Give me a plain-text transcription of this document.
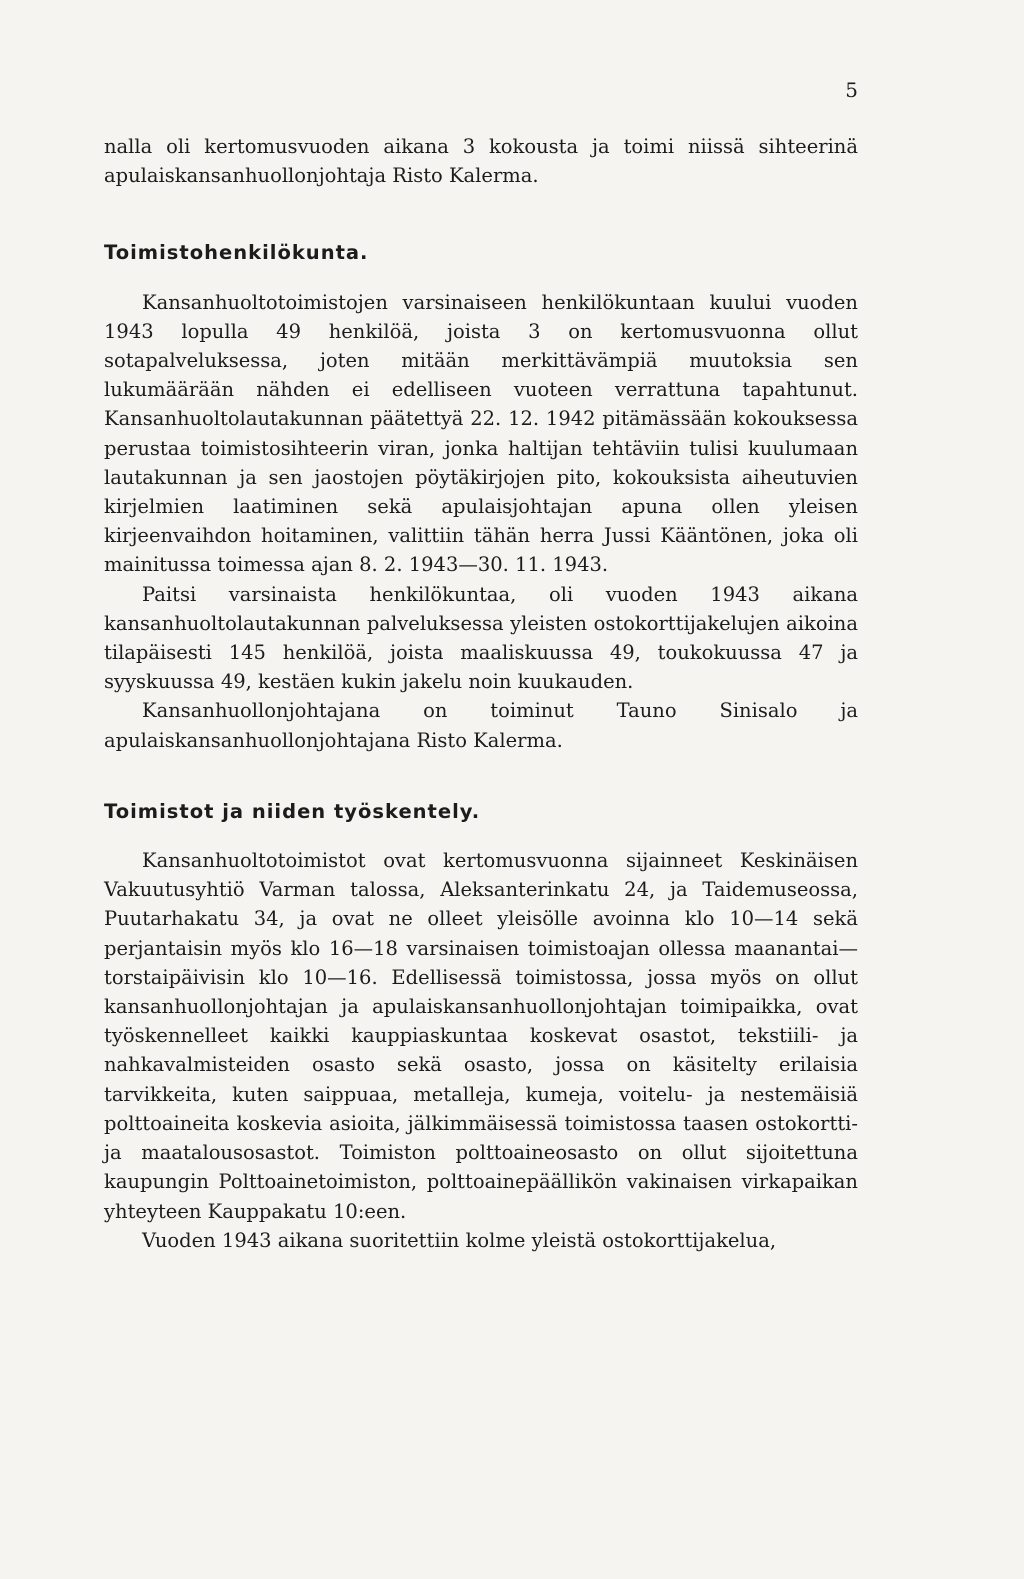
5

nalla oli kertomusvuoden aikana 3 kokousta ja toimi niissä sihteerinä apulaiskansanhuollonjohtaja Risto Kalerma.

Toimistohenkilökunta.

Kansanhuoltotoimistojen varsinaiseen henkilökuntaan kuului vuoden 1943 lopulla 49 henkilöä, joista 3 on kertomusvuonna ollut sotapalveluksessa, joten mitään merkittävämpiä muutoksia sen lukumäärään nähden ei edelliseen vuoteen verrattuna tapahtunut. Kansanhuoltolautakunnan päätettyä 22. 12. 1942 pitämässään kokouksessa perustaa toimistosihteerin viran, jonka haltijan tehtäviin tulisi kuulumaan lautakunnan ja sen jaostojen pöytäkirjojen pito, kokouksista aiheutuvien kirjelmien laatiminen sekä apulaisjohtajan apuna ollen yleisen kirjeenvaihdon hoitaminen, valittiin tähän herra Jussi Kääntönen, joka oli mainitussa toimessa ajan 8. 2. 1943—30. 11. 1943.

Paitsi varsinaista henkilökuntaa, oli vuoden 1943 aikana kansanhuoltolautakunnan palveluksessa yleisten ostokorttijakelujen aikoina tilapäisesti 145 henkilöä, joista maaliskuussa 49, toukokuussa 47 ja syyskuussa 49, kestäen kukin jakelu noin kuukauden.

Kansanhuollonjohtajana on toiminut Tauno Sinisalo ja apulaiskansanhuollonjohtajana Risto Kalerma.

Toimistot ja niiden työskentely.

Kansanhuoltotoimistot ovat kertomusvuonna sijainneet Keskinäisen Vakuutusyhtiö Varman talossa, Aleksanterinkatu 24, ja Taidemuseossa, Puutarhakatu 34, ja ovat ne olleet yleisölle avoinna klo 10—14 sekä perjantaisin myös klo 16—18 varsinaisen toimistoajan ollessa maanantai—torstaipäivisin klo 10—16. Edellisessä toimistossa, jossa myös on ollut kansanhuollonjohtajan ja apulaiskansanhuollonjohtajan toimipaikka, ovat työskennelleet kaikki kauppiaskuntaa koskevat osastot, tekstiili- ja nahkavalmisteiden osasto sekä osasto, jossa on käsitelty erilaisia tarvikkeita, kuten saippuaa, metalleja, kumeja, voitelu- ja nestemäisiä polttoaineita koskevia asioita, jälkimmäisessä toimistossa taasen ostokortti- ja maatalousosastot. Toimiston polttoaineosasto on ollut sijoitettuna kaupungin Polttoainetoimiston, polttoainepäällikön vakinaisen virkapaikan yhteyteen Kauppakatu 10:een.

Vuoden 1943 aikana suoritettiin kolme yleistä ostokorttijakelua,
